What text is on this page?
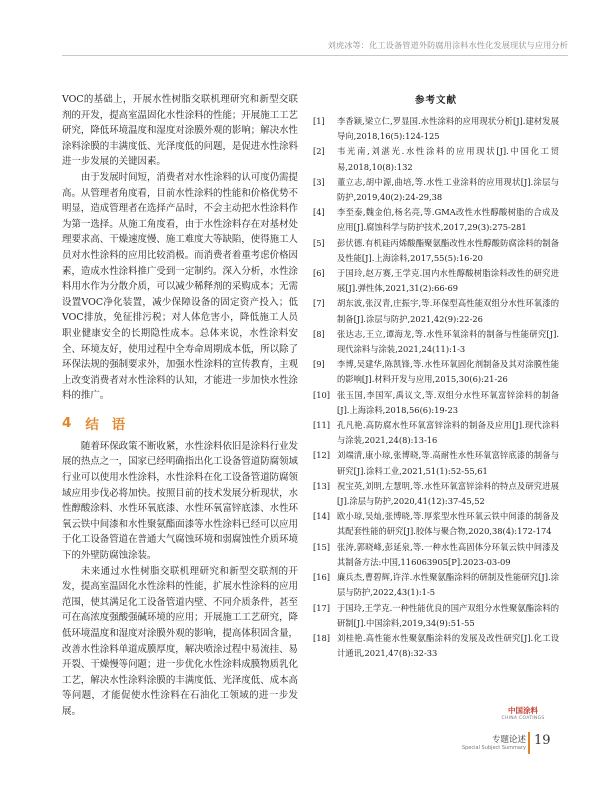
刘虎冰等：化工设备管道外防腐用涂料水性化发展现状与应用分析

VOC的基础上，开展水性树脂交联机理研究和新型交联剂的开发，提高室温固化水性涂料的性能；开展施工工艺研究，降低环境温度和湿度对涂膜外观的影响；解决水性涂料涂膜的丰满度低、光泽度低的问题，是促进水性涂料进一步发展的关键因素。

由于发展时间短，消费者对水性涂料的认可度仍需提高。从管理者角度看，目前水性涂料的性能和价格优势不明显，造成管理者在选择产品时，不会主动把水性涂料作为第一选择。从施工角度看，由于水性涂料存在对基材处理要求高、干燥速度慢、施工难度大等缺陷，使得施工人员对水性涂料的应用比较消极。而消费者着重考虑价格因素，造成水性涂料推广受到一定制约。深入分析，水性涂料用水作为分散介质，可以减少稀释剂的采购成本；无需设置VOC净化装置，减少保障设备的固定资产投入；低VOC排放，免征排污税；对人体危害小，降低施工人员职业健康安全的长期隐性成本。总体来说，水性涂料安全、环境友好，使用过程中全寿命周期成本低，所以除了环保法规的强制要求外，加强水性涂料的宣传教育，主观上改变消费者对水性涂料的认知，才能进一步加快水性涂料的推广。

4 结 语

随着环保政策不断收紧，水性涂料依旧是涂料行业发展的热点之一，国家已经明确指出化工设备管道防腐领域行业可以使用水性涂料，水性涂料在化工设备管道防腐领域应用步伐必将加快。按照目前的技术发展分析现状，水性醇酸涂料、水性环氧底漆、水性环氧富锌底漆、水性环氧云铁中间漆和水性聚氨酯面漆等水性涂料已经可以应用于化工设备管道在普通大气腐蚀环境和弱腐蚀性介质环境下的外壁防腐蚀涂装。

未来通过水性树脂交联机理研究和新型交联剂的开发，提高室温固化水性涂料的性能，扩展水性涂料的应用范围，使其满足化工设备管道内壁、不同介质条件，甚至可在高浓度强酸强碱环境的应用；开展施工工艺研究，降低环境温度和湿度对涂膜外观的影响，提高体积固含量，改善水性涂料单道成膜厚度，解决喷涂过程中易流挂、易开裂、干燥慢等问题；进一步优化水性涂料成膜物质乳化工艺，解决水性涂料涂膜的丰满度低、光泽度低、成本高等问题，才能促使水性涂料在石油化工领域的进一步发展。

参考文献
[1]	李香颖,梁立仁,罗显国.水性涂料的应用现状分析[J].建材发展导向,2018,16(5):124-125
[2]	韦光南,刘湛光.水性涂料的应用现状[J].中国化工贸易,2018,10(8):132
[3]	董立志,胡中源,曲培,等.水性工业涂料的应用现状[J].涂层与防护,2019,40(2):24-29,38
[4]	李至泰,魏金伯,杨名亮,等.GMA改性水性醇酸树脂的合成及应用[J].腐蚀科学与防护技术,2017,29(3):275-281
[5]	彭伏德.有机硅丙烯酸酯聚氨酯改性水性醇酸防腐涂料的制备及性能[J].上海涂料,2017,55(5):16-20
[6]	于国玲,赵万赛,王学克.国内水性醇酸树脂涂料改性的研究进展[J].弹性体,2021,31(2):66-69
[7]	胡东波,张汉青,庄振宇,等.环保型高性能双组分水性环氧漆的制备[J].涂层与防护,2021,42(9):22-26
[8]	张达志,王立,谭海龙,等.水性环氧涂料的制备与性能研究[J].现代涂料与涂装,2021,24(11):1-3
[9]	李博,吴建华,陈凯锋,等.水性环氧固化剂制备及其对涂膜性能的影响[J].材料开发与应用,2015,30(6):21-26
[10] 张玉国,李国军,禹议文,等.双组分水性环氧富锌涂料的制备[J].上海涂料,2018,56(6):19-23
[11] 孔凡艳.高防腐水性环氧富锌涂料的制备及应用[J].现代涂料与涂装,2021,24(8):13-16
[12] 刘端清,康小琼,张博晓,等.高耐性水性环氧富锌底漆的制备与研究[J].涂料工业,2021,51(1):52-55,61
[13] 祝宝英,刘明,左慧明,等.水性环氧富锌涂料的特点及研究进展[J].涂层与防护,2020,41(12):37-45,52
[14] 欧小琼,吴灿,张博晓,等.厚浆型水性环氧云铁中间漆的制备及其配套性能的研究[J].胶体与聚合物,2020,38(4):172-174
[15] 张涛,郭晓峰,彭延泉,等.一种水性高固体分环氧云铁中间漆及其制备方法:中国,116063905[P].2023-03-09
[16] 廉兵杰,曹碧辉,许洋.水性聚氨酯涂料的研制及性能研究[J].涂层与防护,2022,43(1):1-5
[17] 于国玲,王学克.一种性能优良的国产双组分水性聚氨酯涂料的研制[J].中国涂料,2019,34(9):51-55
[18] 刘桂艳.高性能水性聚氨酯涂料的发展及改性研究[J].化工设计通讯,2021,47(8):32-33
中国涂料
CHINA COATINGS
专题论述
Special Subject Summary 19
